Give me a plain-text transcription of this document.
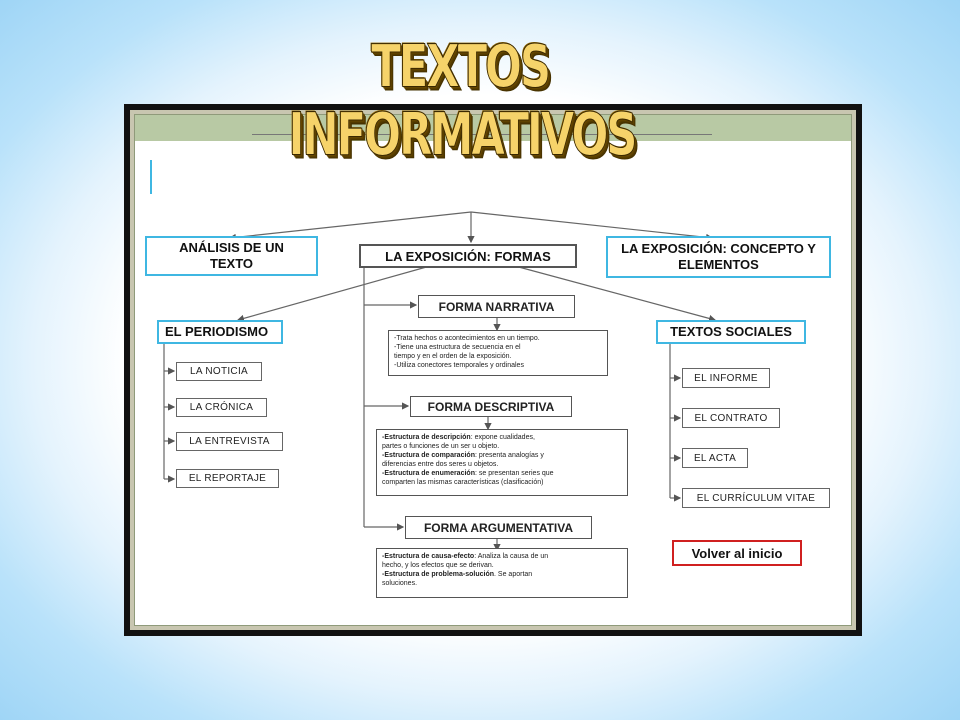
TEXTOS INFORMATIVOS
ANÁLISIS DE UN TEXTO	LA EXPOSICIÓN: FORMAS	LA EXPOSICIÓN: CONCEPTO Y ELEMENTOS
EL PERIODISMO
LA NOTICIA
LA CRÓNICA
LA ENTREVISTA
EL REPORTAJE
FORMA NARRATIVA
-Trata hechos o acontecimientos en un tiempo.
-Tiene una estructura de secuencia en el
tiempo y en el orden de la exposición.
-Utiliza conectores temporales y ordinales
FORMA DESCRIPTIVA
-Estructura de descripción: expone cualidades,
partes o funciones de un ser u objeto.
-Estructura de comparación: presenta analogías y
diferencias entre dos seres u objetos.
-Estructura de enumeración: se presentan series que
comparten las mismas características (clasificación)
FORMA ARGUMENTATIVA
-Estructura de causa-efecto: Analiza la causa de un
hecho, y los efectos que se derivan.
-Estructura de problema-solución. Se aportan
soluciones.
TEXTOS SOCIALES
EL INFORME
EL CONTRATO
EL ACTA
EL CURRÍCULUM VITAE
Volver al inicio
